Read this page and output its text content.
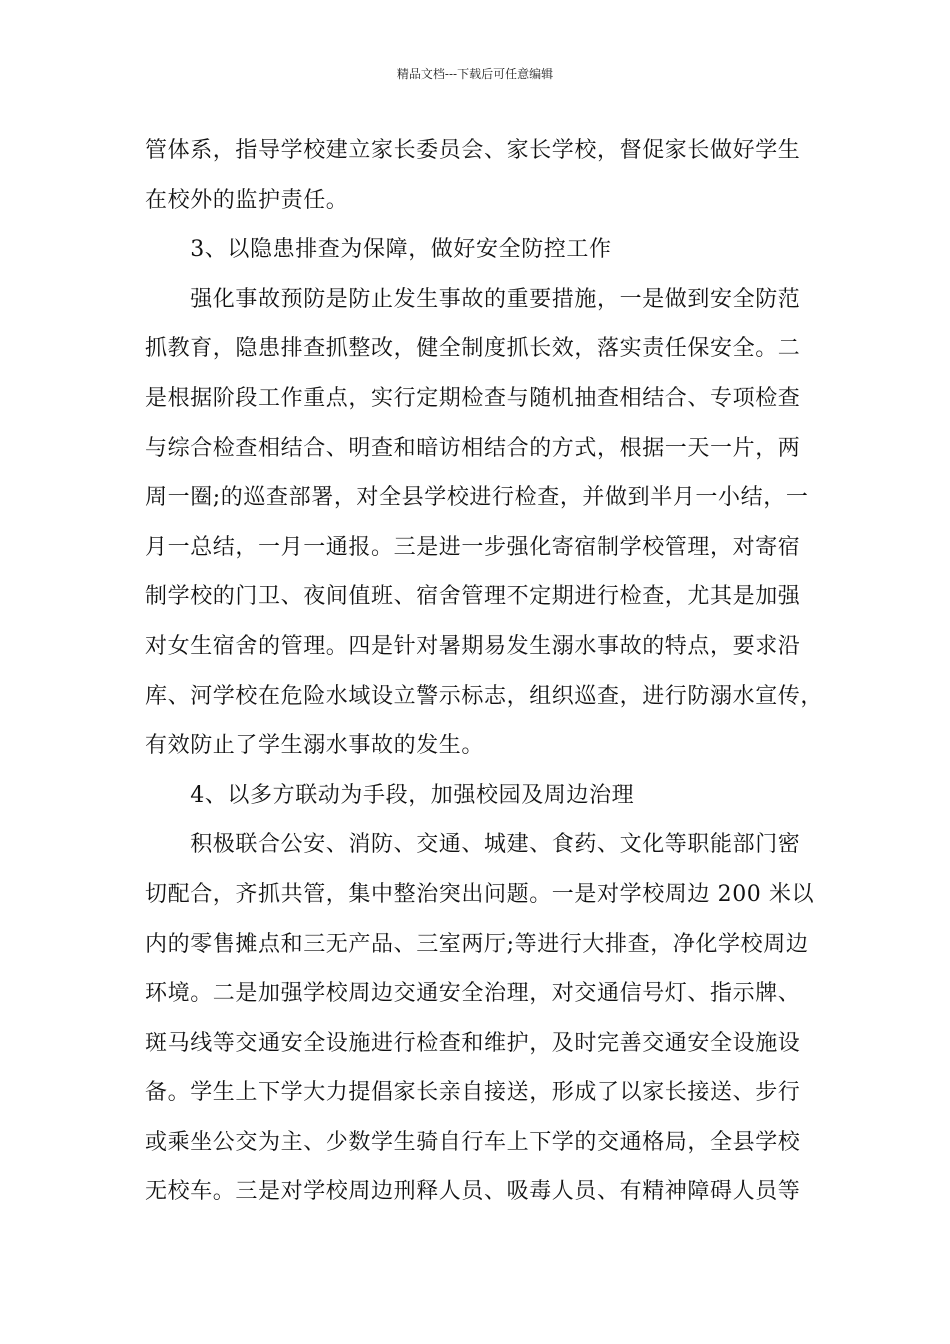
精品文档---下载后可任意编辑

管体系，指导学校建立家长委员会、家长学校，督促家长做好学生
在校外的监护责任。

　　3、以隐患排查为保障，做好安全防控工作

　　强化事故预防是防止发生事故的重要措施，一是做到安全防范
抓教育，隐患排查抓整改，健全制度抓长效，落实责任保安全。二
是根据阶段工作重点，实行定期检查与随机抽查相结合、专项检查
与综合检查相结合、明查和暗访相结合的方式，根据一天一片，两
周一圈;的巡查部署，对全县学校进行检查，并做到半月一小结，一
月一总结，一月一通报。三是进一步强化寄宿制学校管理，对寄宿
制学校的门卫、夜间值班、宿舍管理不定期进行检查，尤其是加强
对女生宿舍的管理。四是针对暑期易发生溺水事故的特点，要求沿
库、河学校在危险水域设立警示标志，组织巡查，进行防溺水宣传，
有效防止了学生溺水事故的发生。

　　4、以多方联动为手段，加强校园及周边治理

　　积极联合公安、消防、交通、城建、食药、文化等职能部门密
切配合，齐抓共管，集中整治突出问题。一是对学校周边 200 米以
内的零售摊点和三无产品、三室两厅;等进行大排查，净化学校周边
环境。二是加强学校周边交通安全治理，对交通信号灯、指示牌、
斑马线等交通安全设施进行检查和维护，及时完善交通安全设施设
备。学生上下学大力提倡家长亲自接送，形成了以家长接送、步行
或乘坐公交为主、少数学生骑自行车上下学的交通格局，全县学校
无校车。三是对学校周边刑释人员、吸毒人员、有精神障碍人员等
